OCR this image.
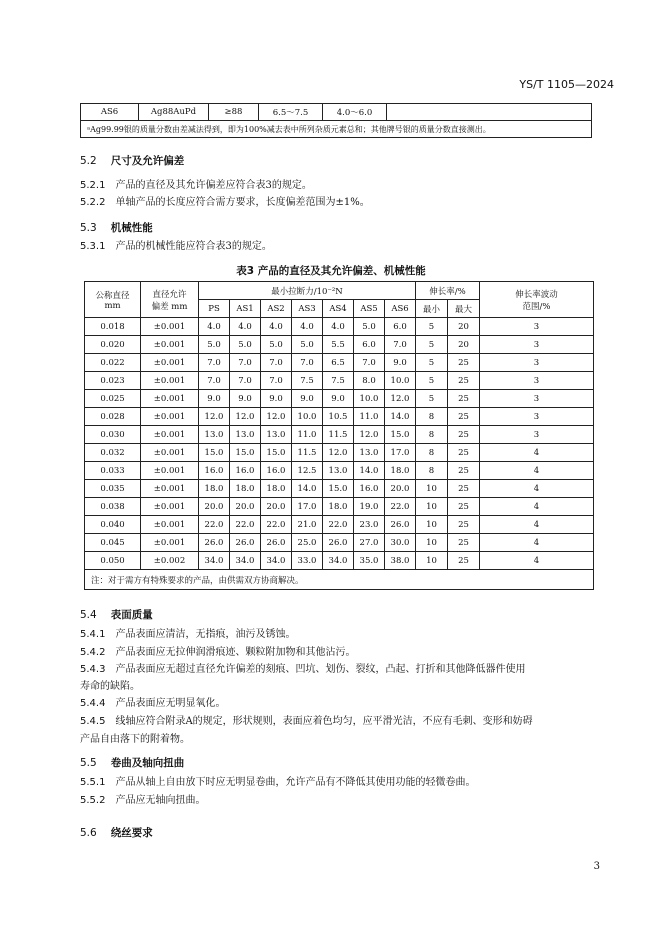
YS/T 1105—2024
AS6	Ag88AuPd	≥88	6.5～7.5	4.0～6.0	
ᵃAg99.99银的质量分数由差减法得到，即为100%减去表中所列杂质元素总和；其他牌号银的质量分数直接测出。
5.2 尺寸及允许偏差
5.2.1 产品的直径及其允许偏差应符合表3的规定。
5.2.2 单轴产品的长度应符合需方要求，长度偏差范围为±1%。
5.3 机械性能
5.3.1 产品的机械性能应符合表3的规定。
表3 产品的直径及其允许偏差、机械性能
公称直径
mm	直径允许
偏差 mm	最小拉断力/10⁻²N							伸长率/%		伸长率波动
范围/%
		PS	AS1	AS2	AS3	AS4	AS5	AS6	最小	最大	
0.018	±0.001	4.0	4.0	4.0	4.0	4.0	5.0	6.0	5	20	3
0.020	±0.001	5.0	5.0	5.0	5.0	5.5	6.0	7.0	5	20	3
0.022	±0.001	7.0	7.0	7.0	7.0	6.5	7.0	9.0	5	25	3
0.023	±0.001	7.0	7.0	7.0	7.5	7.5	8.0	10.0	5	25	3
0.025	±0.001	9.0	9.0	9.0	9.0	9.0	10.0	12.0	5	25	3
0.028	±0.001	12.0	12.0	12.0	10.0	10.5	11.0	14.0	8	25	3
0.030	±0.001	13.0	13.0	13.0	11.0	11.5	12.0	15.0	8	25	3
0.032	±0.001	15.0	15.0	15.0	11.5	12.0	13.0	17.0	8	25	4
0.033	±0.001	16.0	16.0	16.0	12.5	13.0	14.0	18.0	8	25	4
0.035	±0.001	18.0	18.0	18.0	14.0	15.0	16.0	20.0	10	25	4
0.038	±0.001	20.0	20.0	20.0	17.0	18.0	19.0	22.0	10	25	4
0.040	±0.001	22.0	22.0	22.0	21.0	22.0	23.0	26.0	10	25	4
0.045	±0.001	26.0	26.0	26.0	25.0	26.0	27.0	30.0	10	25	4
0.050	±0.002	34.0	34.0	34.0	33.0	34.0	35.0	38.0	10	25	4
注：对于需方有特殊要求的产品，由供需双方协商解决。											
5.4 表面质量
5.4.1 产品表面应清洁，无指痕，油污及锈蚀。
5.4.2 产品表面应无拉伸润滑痕迹、颗粒附加物和其他沾污。
5.4.3 产品表面应无超过直径允许偏差的刻痕、凹坑、划伤、裂纹，凸起、打折和其他降低器件使用
寿命的缺陷。
5.4.4 产品表面应无明显氧化。
5.4.5 线轴应符合附录A的规定，形状规则，表面应着色均匀，应平滑光洁，不应有毛刺、变形和妨碍
产品自由落下的附着物。
5.5 卷曲及轴向扭曲
5.5.1 产品从轴上自由放下时应无明显卷曲，允许产品有不降低其使用功能的轻微卷曲。
5.5.2 产品应无轴向扭曲。
5.6 绕丝要求
3
